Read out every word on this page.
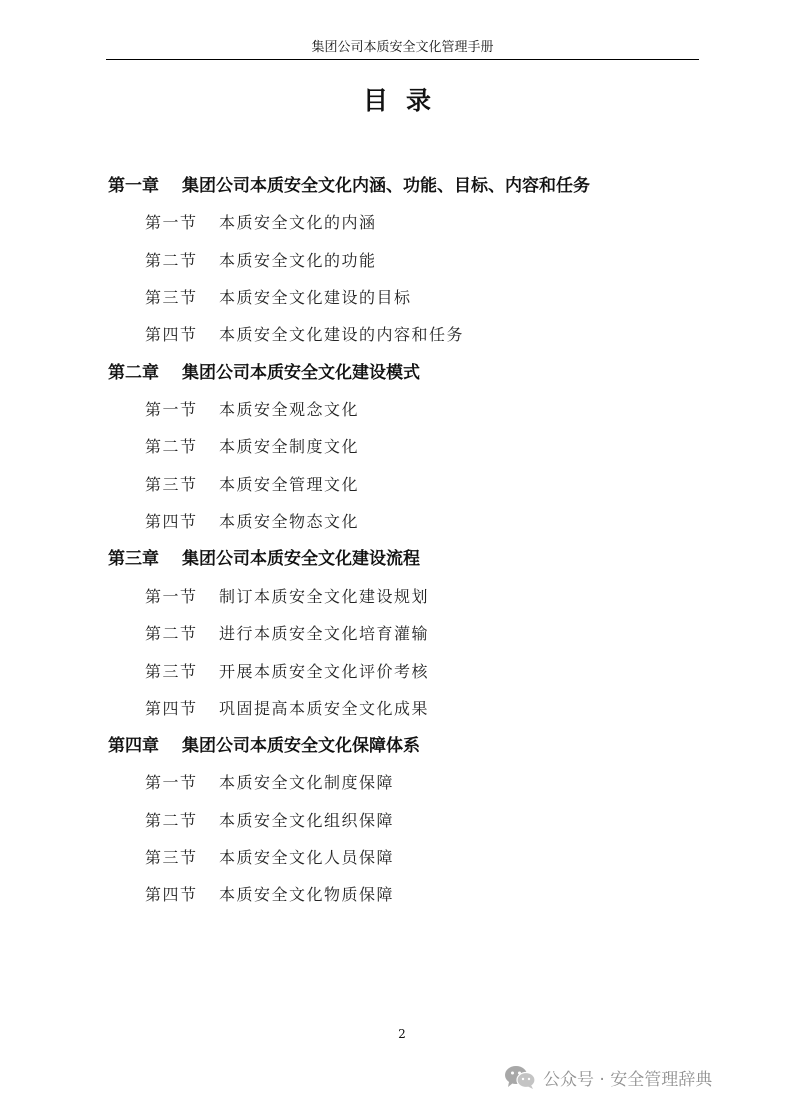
集团公司本质安全文化管理手册
目 录
第一章 集团公司本质安全文化内涵、功能、目标、内容和任务
第一节 本质安全文化的内涵
第二节 本质安全文化的功能
第三节 本质安全文化建设的目标
第四节 本质安全文化建设的内容和任务
第二章 集团公司本质安全文化建设模式
第一节 本质安全观念文化
第二节 本质安全制度文化
第三节 本质安全管理文化
第四节 本质安全物态文化
第三章 集团公司本质安全文化建设流程
第一节 制订本质安全文化建设规划
第二节 进行本质安全文化培育灌输
第三节 开展本质安全文化评价考核
第四节 巩固提高本质安全文化成果
第四章 集团公司本质安全文化保障体系
第一节 本质安全文化制度保障
第二节 本质安全文化组织保障
第三节 本质安全文化人员保障
第四节 本质安全文化物质保障
2
公众号 · 安全管理辞典
